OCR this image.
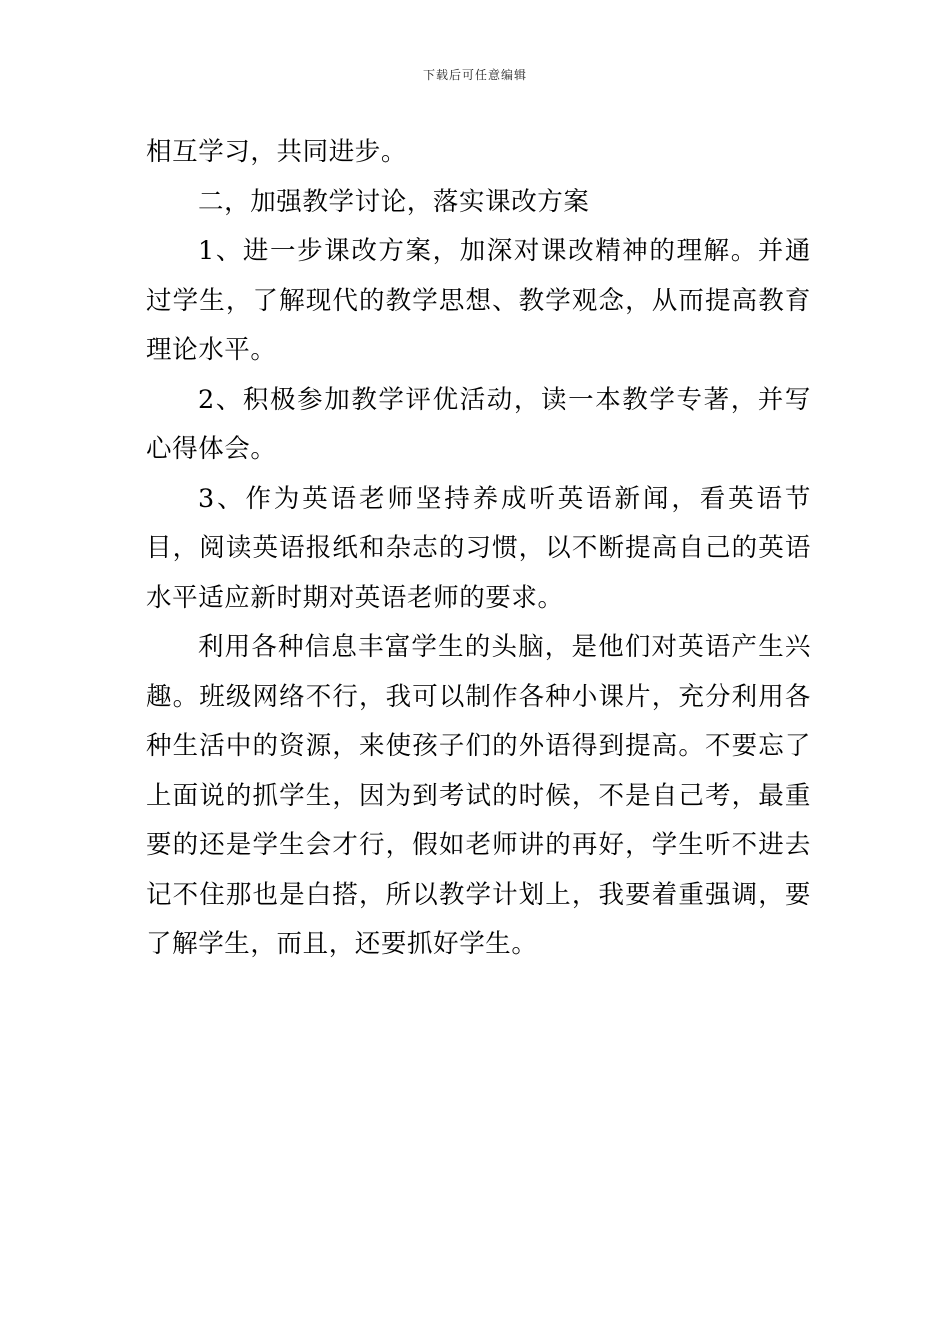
下载后可任意编辑

相互学习，共同进步。

二，加强教学讨论，落实课改方案

1、进一步课改方案，加深对课改精神的理解。并通过学生，了解现代的教学思想、教学观念，从而提高教育理论水平。

2、积极参加教学评优活动，读一本教学专著，并写心得体会。

3、作为英语老师坚持养成听英语新闻，看英语节目，阅读英语报纸和杂志的习惯，以不断提高自己的英语水平适应新时期对英语老师的要求。

利用各种信息丰富学生的头脑，是他们对英语产生兴趣。班级网络不行，我可以制作各种小课片，充分利用各种生活中的资源，来使孩子们的外语得到提高。不要忘了上面说的抓学生，因为到考试的时候，不是自己考，最重要的还是学生会才行，假如老师讲的再好，学生听不进去记不住那也是白搭，所以教学计划上，我要着重强调，要了解学生，而且，还要抓好学生。
